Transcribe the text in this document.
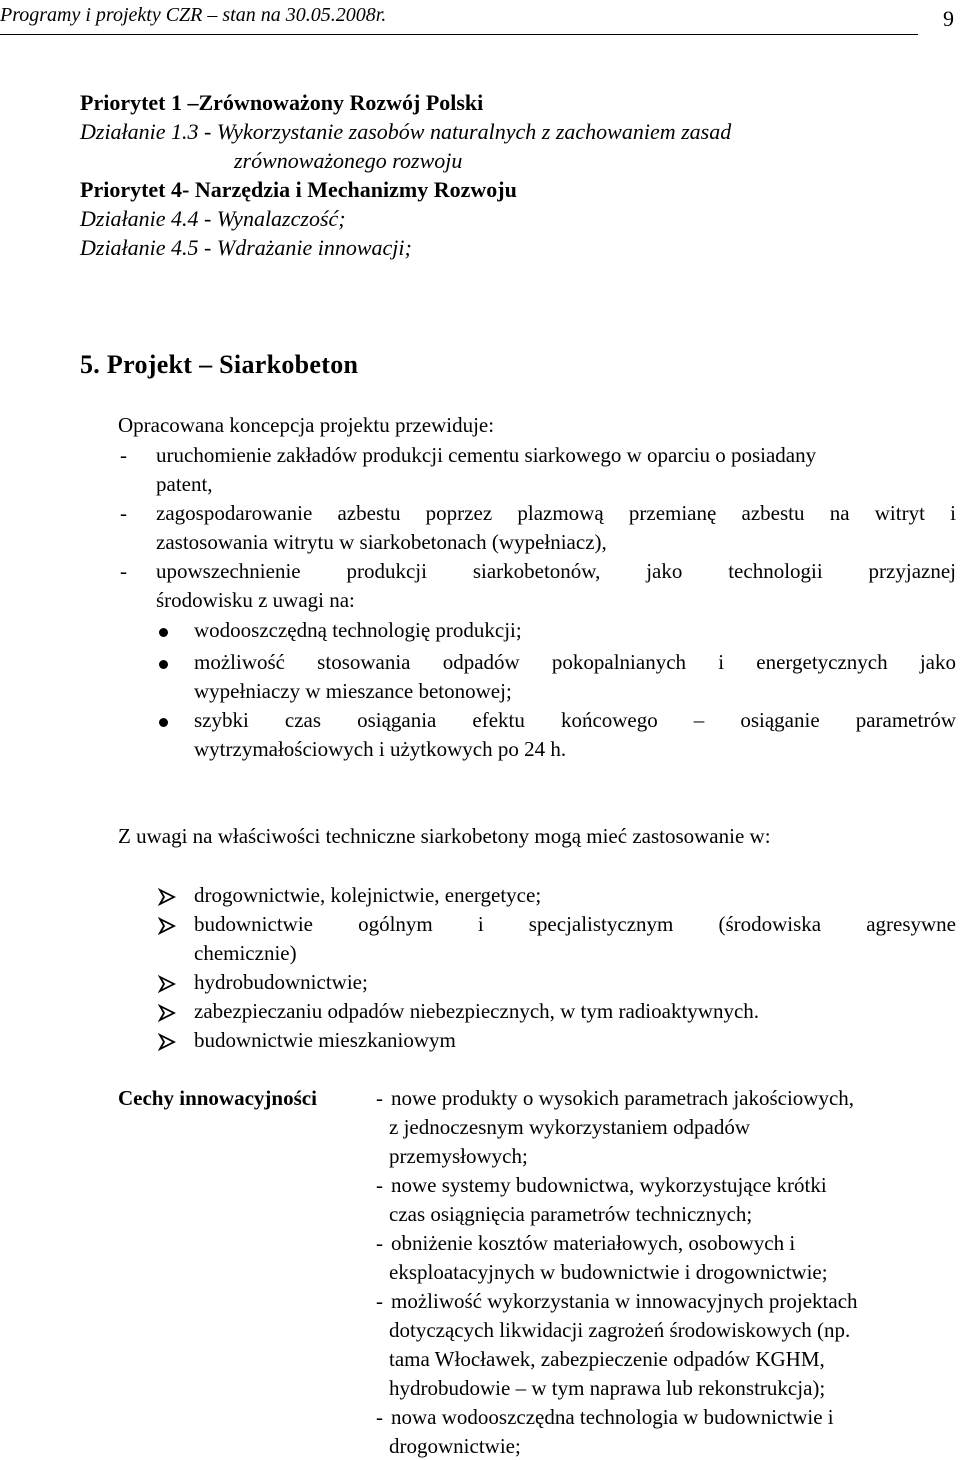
Programy i projekty CZR – stan na 30.05.2008r.	9
Priorytet 1 –Zrównoważony Rozwój Polski
Działanie 1.3 - Wykorzystanie zasobów naturalnych z zachowaniem zasad
zrównoważonego rozwoju
Priorytet 4- Narzędzia i Mechanizmy Rozwoju
Działanie 4.4 - Wynalazczość;
Działanie 4.5 - Wdrażanie innowacji;
5. Projekt – Siarkobeton
Opracowana koncepcja projektu przewiduje:
- uruchomienie zakładów produkcji cementu siarkowego w oparciu o posiadany
patent,
- zagospodarowanie azbestu poprzez plazmową przemianę azbestu na witryt i
zastosowania witrytu w siarkobetonach (wypełniacz),
- upowszechnienie produkcji siarkobetonów, jako technologii przyjaznej
środowisku z uwagi na:
wodooszczędną technologię produkcji;
możliwość stosowania odpadów pokopalnianych i energetycznych jako
wypełniaczy w mieszance betonowej;
szybki czas osiągania efektu końcowego – osiąganie parametrów
wytrzymałościowych i użytkowych po 24 h.
Z uwagi na właściwości techniczne siarkobetony mogą mieć zastosowanie w:
drogownictwie, kolejnictwie, energetyce;
budownictwie ogólnym i specjalistycznym (środowiska agresywne
chemicznie)
hydrobudownictwie;
zabezpieczaniu odpadów niebezpiecznych, w tym radioaktywnych.
budownictwie mieszkaniowym
Cechy innowacyjności	- nowe produkty o wysokich parametrach jakościowych,
z jednoczesnym wykorzystaniem odpadów
przemysłowych;
- nowe systemy budownictwa, wykorzystujące krótki
czas osiągnięcia parametrów technicznych;
- obniżenie kosztów materiałowych, osobowych i
eksploatacyjnych w budownictwie i drogownictwie;
- możliwość wykorzystania w innowacyjnych projektach
dotyczących likwidacji zagrożeń środowiskowych (np.
tama Włocławek, zabezpieczenie odpadów KGHM,
hydrobudowie – w tym naprawa lub rekonstrukcja);
- nowa wodooszczędna technologia w budownictwie i
drogownictwie;
